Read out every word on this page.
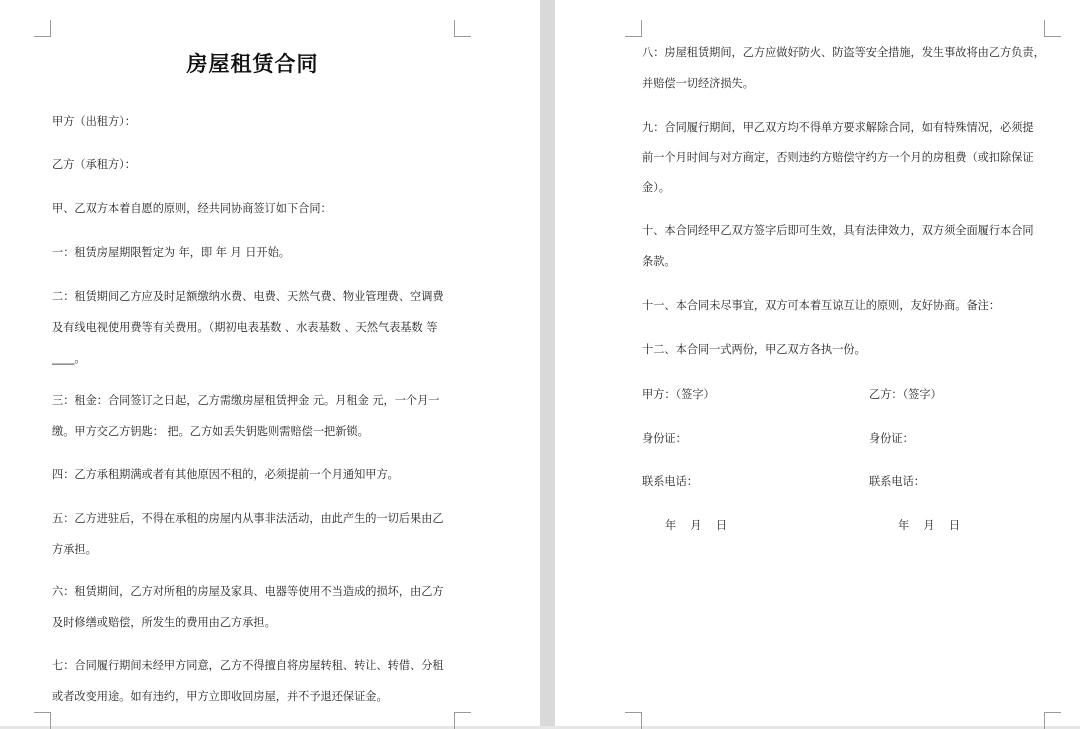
房屋租赁合同
甲方（出租方）：
乙方（承租方）：
甲、乙双方本着自愿的原则，经共同协商签订如下合同：
一：租赁房屋期限暂定为 年，即 年 月 日开始。
二：租赁期间乙方应及时足额缴纳水费、电费、天然气费、物业管理费、空调费
及有线电视使用费等有关费用。（期初电表基数 、水表基数 、天然气表基数 等
____。
三：租金：合同签订之日起，乙方需缴房屋租赁押金 元。月租金 元，一个月一
缴。甲方交乙方钥匙： 把。乙方如丢失钥匙则需赔偿一把新锁。
四：乙方承租期满或者有其他原因不租的，必须提前一个月通知甲方。
五：乙方进驻后，不得在承租的房屋内从事非法活动，由此产生的一切后果由乙
方承担。
六：租赁期间，乙方对所租的房屋及家具、电器等使用不当造成的损坏，由乙方
及时修缮或赔偿，所发生的费用由乙方承担。
七：合同履行期间未经甲方同意，乙方不得擅自将房屋转租、转让、转借、分租
或者改变用途。如有违约，甲方立即收回房屋，并不予退还保证金。
八：房屋租赁期间，乙方应做好防火、防盗等安全措施，发生事故将由乙方负责，
并赔偿一切经济损失。
九：合同履行期间，甲乙双方均不得单方要求解除合同，如有特殊情况，必须提
前一个月时间与对方商定，否则违约方赔偿守约方一个月的房租费（或扣除保证
金）。
十、本合同经甲乙双方签字后即可生效，具有法律效力，双方须全面履行本合同
条款。
十一、本合同未尽事宜，双方可本着互谅互让的原则，友好协商。备注：
十二、本合同一式两份，甲乙双方各执一份。
甲方：（签字）	乙方：（签字）
身份证：	身份证：
联系电话：	联系电话：
年    月    日	年    月    日
